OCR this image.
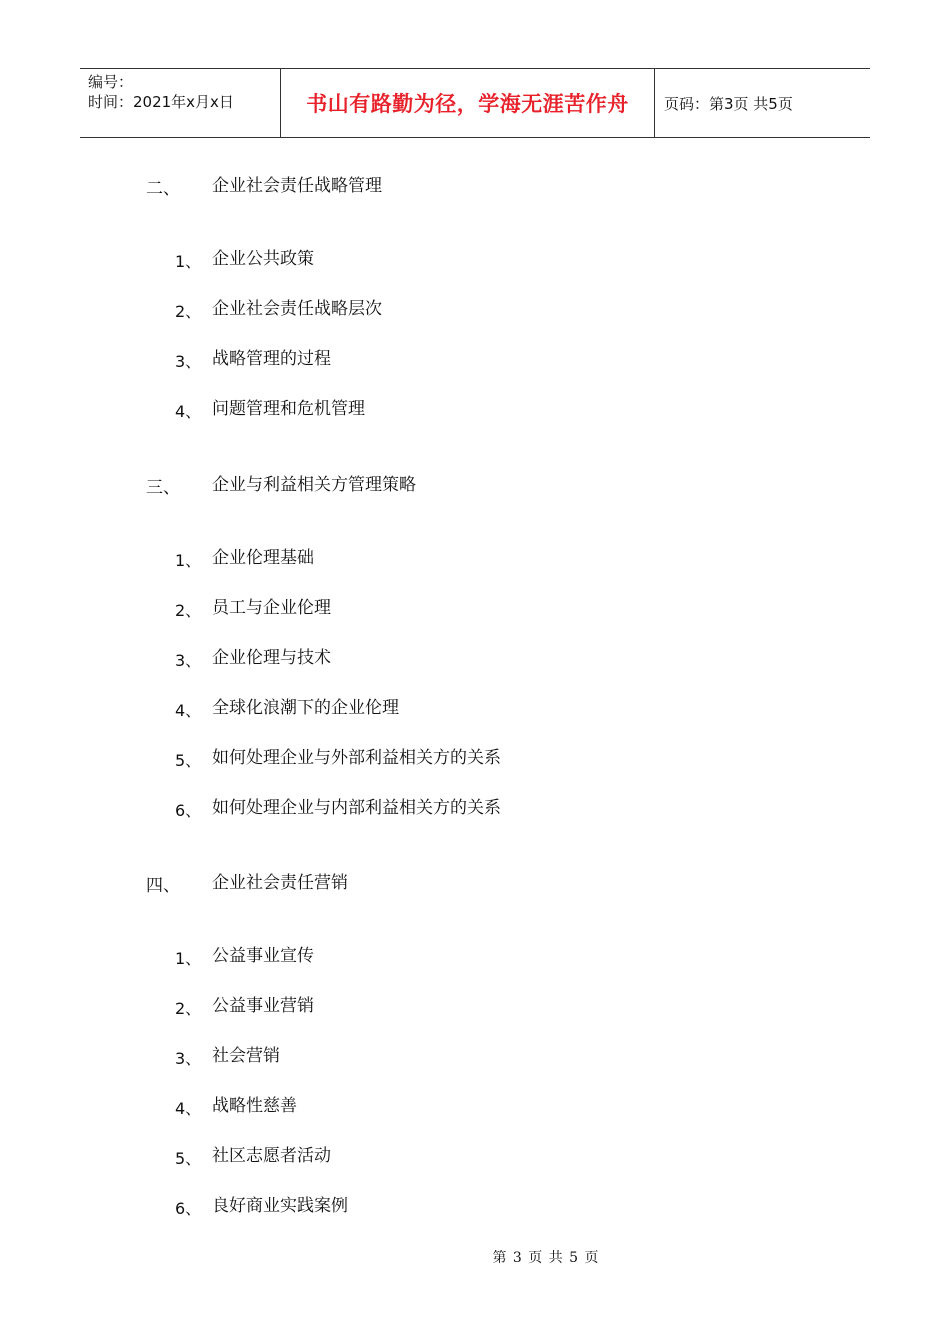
编号：
时间：2021年x月x日	书山有路勤为径，学海无涯苦作舟	页码：第3页 共5页
二、	企业社会责任战略管理
1、 企业公共政策
2、 企业社会责任战略层次
3、 战略管理的过程
4、 问题管理和危机管理
三、	企业与利益相关方管理策略
1、 企业伦理基础
2、 员工与企业伦理
3、 企业伦理与技术
4、 全球化浪潮下的企业伦理
5、 如何处理企业与外部利益相关方的关系
6、 如何处理企业与内部利益相关方的关系
四、	企业社会责任营销
1、 公益事业宣传
2、 公益事业营销
3、 社会营销
4、 战略性慈善
5、 社区志愿者活动
6、 良好商业实践案例
第 3 页 共 5 页
